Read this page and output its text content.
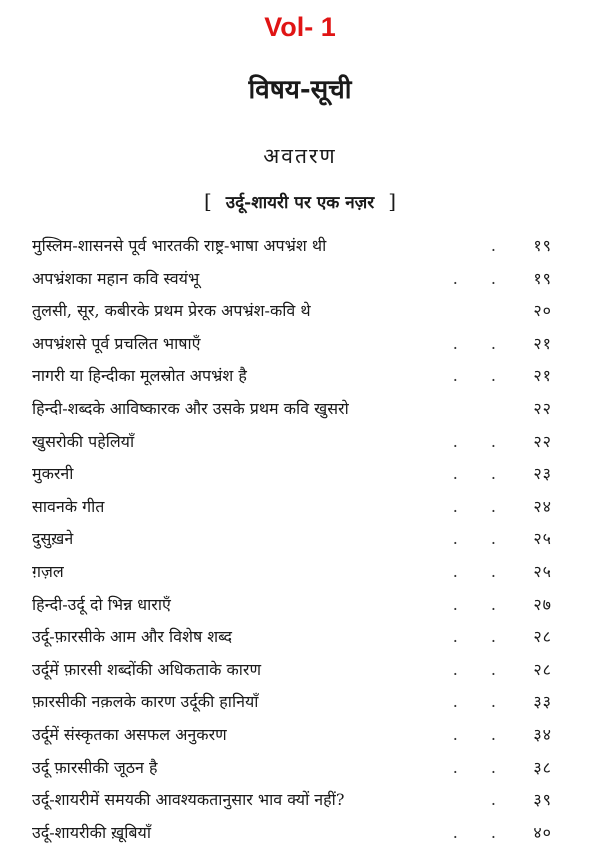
Vol- 1
विषय-सूची
अवतरण
[ उर्दू-शायरी पर एक नज़र ]
मुस्लिम-शासनसे पूर्व भारतकी राष्ट्र-भाषा अपभ्रंश थी	. १९
अपभ्रंशका महान कवि स्वयंभू	. . १९
तुलसी, सूर, कबीरके प्रथम प्रेरक अपभ्रंश-कवि थे	२०
अपभ्रंशसे पूर्व प्रचलित भाषाएँ	. . २१
नागरी या हिन्दीका मूलस्रोत अपभ्रंश है	. . २१
हिन्दी-शब्दके आविष्कारक और उसके प्रथम कवि खुसरो	२२
खुसरोकी पहेलियाँ	. . २२
मुकरनी	. . २३
सावनके गीत	. . २४
दुसुख़ने	. . २५
ग़ज़ल	. . २५
हिन्दी-उर्दू दो भिन्न धाराएँ	. . २७
उर्दू-फ़ारसीके आम और विशेष शब्द	. . २८
उर्दूमें फ़ारसी शब्दोंकी अधिकताके कारण	. . २८
फ़ारसीकी नक़लके कारण उर्दूकी हानियाँ	. . ३३
उर्दूमें संस्कृतका असफल अनुकरण	. . ३४
उर्दू फ़ारसीकी जूठन है	. . ३८
उर्दू-शायरीमें समयकी आवश्यकतानुसार भाव क्यों नहीं?	. ३९
उर्दू-शायरीकी ख़ूबियाँ	. . ४०
